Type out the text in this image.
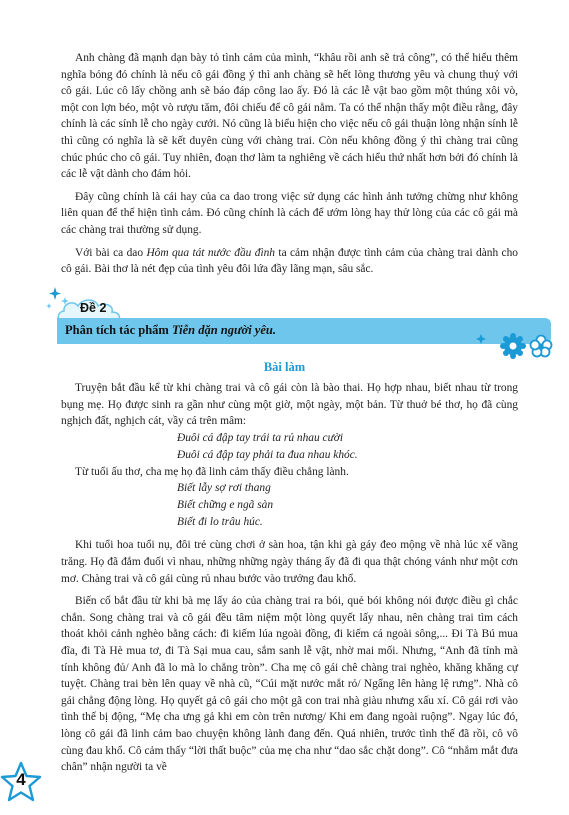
Anh chàng đã mạnh dạn bày tỏ tình cảm của mình, “khâu rồi anh sẽ trả công”, có thể hiểu thêm nghĩa bóng đó chính là nếu cô gái đồng ý thì anh chàng sẽ hết lòng thương yêu và chung thuỷ với cô gái. Lúc cô lấy chồng anh sẽ báo đáp công lao ấy. Đó là các lễ vật bao gồm một thúng xôi vò, một con lợn béo, một vò rượu tăm, đôi chiếu để cô gái nằm. Ta có thể nhận thấy một điều rằng, đây chính là các sính lễ cho ngày cưới. Nó cũng là biểu hiện cho việc nếu cô gái thuận lòng nhận sính lễ thì cũng có nghĩa là sẽ kết duyên cùng với chàng trai. Còn nếu không đồng ý thì chàng trai cũng chúc phúc cho cô gái. Tuy nhiên, đoạn thơ làm ta nghiêng về cách hiểu thứ nhất hơn bởi đó chính là các lễ vật dành cho đám hỏi.

Đây cũng chính là cái hay của ca dao trong việc sử dụng các hình ảnh tưởng chừng như không liên quan để thể hiện tình cảm. Đó cũng chính là cách để ướm lòng hay thử lòng của các cô gái mà các chàng trai thường sử dụng.

Với bài ca dao Hôm qua tát nước đầu đình ta cảm nhận được tình cảm của chàng trai dành cho cô gái. Bài thơ là nét đẹp của tình yêu đôi lứa đầy lãng mạn, sâu sắc.

Đề 2
Phân tích tác phẩm Tiễn dặn người yêu.
Bài làm

Truyện bắt đầu kể từ khi chàng trai và cô gái còn là bào thai. Họ hợp nhau, biết nhau từ trong bụng mẹ. Họ được sinh ra gần như cùng một giờ, một ngày, một bản. Từ thuở bé thơ, họ đã cùng nghịch đất, nghịch cát, vầy cá trên mâm:

Đuôi cá đập tay trái ta rủ nhau cười

Đuôi cá đập tay phải ta đua nhau khóc.

Từ tuổi ấu thơ, cha mẹ họ đã linh cảm thấy điều chẳng lành.

Biết lẫy sợ rơi thang

Biết chững e ngã sàn

Biết đi lo trâu húc.

Khi tuổi hoa tuổi nụ, đôi trẻ cùng chơi ở sàn hoa, tận khi gà gáy đeo mộng về nhà lúc xế vầng trăng. Họ đã đắm đuối vì nhau, những những ngày tháng ấy đã đi qua thật chóng vánh như một cơn mơ. Chàng trai và cô gái cùng rủ nhau bước vào trưởng đau khổ.

Biến cố bắt đầu từ khi bà mẹ lấy áo của chàng trai ra bói, quẻ bói không nói được điều gì chắc chắn. Song chàng trai và cô gái đều tâm niệm một lòng quyết lấy nhau, nên chàng trai tìm cách thoát khỏi cảnh nghèo bằng cách: đi kiếm lúa ngoài đồng, đi kiếm cá ngoài sông,... Đi Tà Bú mua đĩa, đi Tà Hè mua tơ, đi Tà Sại mua cau, sắm sanh lễ vật, nhờ mai mối. Nhưng, “Anh đã tính mà tính không đủ/ Anh đã lo mà lo chẳng tròn”. Cha mẹ cô gái chê chàng trai nghèo, khăng khăng cự tuyệt. Chàng trai bèn lên quay về nhà cũ, “Cúi mặt nước mắt rỏ/ Ngẩng lên hàng lệ rưng”. Nhà cô gái chẳng động lòng. Họ quyết gả cô gái cho một gã con trai nhà giàu nhưng xấu xí. Cô gái rơi vào tình thế bị động, “Mẹ cha ưng gả khi em còn trên nương/ Khi em đang ngoài ruộng”. Ngay lúc đó, lòng cô gái đã linh cảm bao chuyện không lành đang đến. Quá nhiên, trước tình thế đã rồi, cô vô cùng đau khổ. Cô cảm thấy “lời thất buộc” của mẹ cha như “dao sắc chặt dong”. Cô “nhắm mắt đưa chân” nhận người ta về

4
